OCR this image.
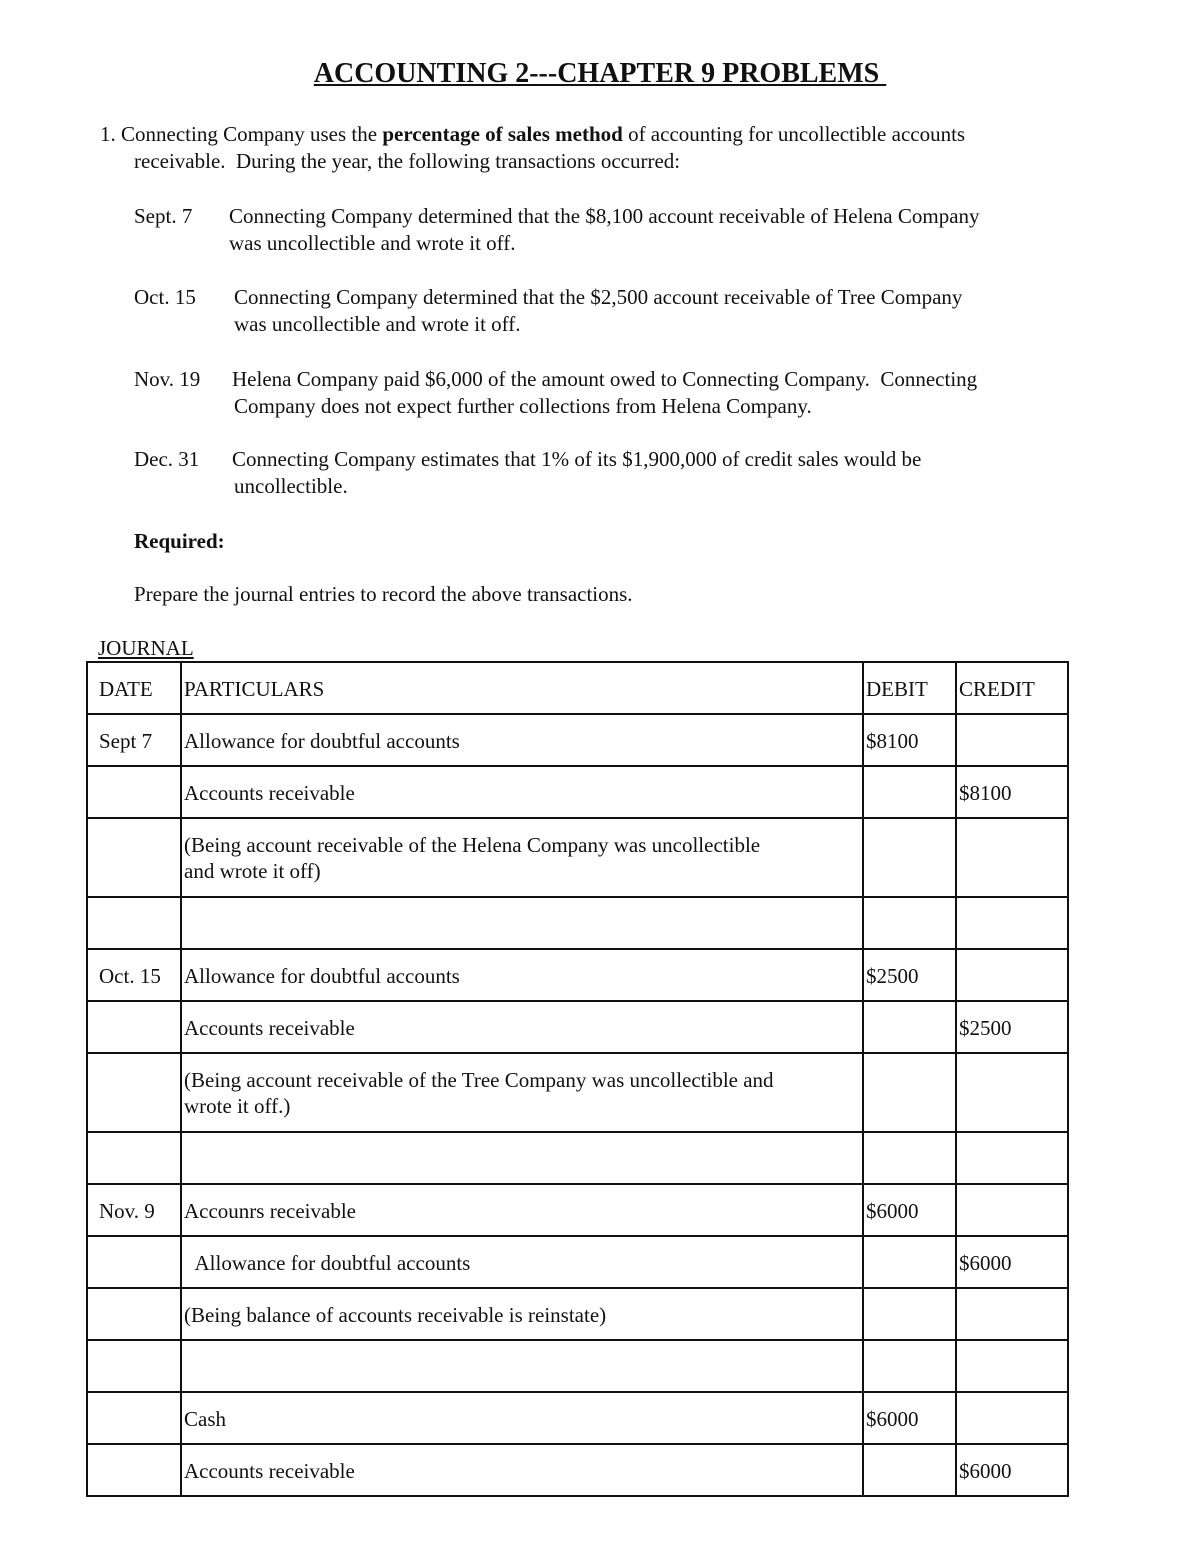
ACCOUNTING 2---CHAPTER 9 PROBLEMS
1. Connecting Company uses the percentage of sales method of accounting for uncollectible accounts
receivable.  During the year, the following transactions occurred:
Sept. 7 Connecting Company determined that the $8,100 account receivable of Helena Company
was uncollectible and wrote it off.
Oct. 15 Connecting Company determined that the $2,500 account receivable of Tree Company
was uncollectible and wrote it off.
Nov. 19 Helena Company paid $6,000 of the amount owed to Connecting Company.  Connecting
Company does not expect further collections from Helena Company.
Dec. 31 Connecting Company estimates that 1% of its $1,900,000 of credit sales would be
uncollectible.
Required:
Prepare the journal entries to record the above transactions.
JOURNAL
DATE	PARTICULARS	DEBIT	CREDIT

Sept 7	Allowance for doubtful accounts	$8100	

	Accounts receivable		$8100

	(Being account receivable of the Helena Company was uncollectible
and wrote it off)		

Oct. 15	Allowance for doubtful accounts	$2500	

	Accounts receivable		$2500

	(Being account receivable of the Tree Company was uncollectible and
wrote it off.)		

Nov. 9	Accounrs receivable	$6000	

	Allowance for doubtful accounts		$6000

	(Being balance of accounts receivable is reinstate)		

	Cash	$6000	

	Accounts receivable		$6000
